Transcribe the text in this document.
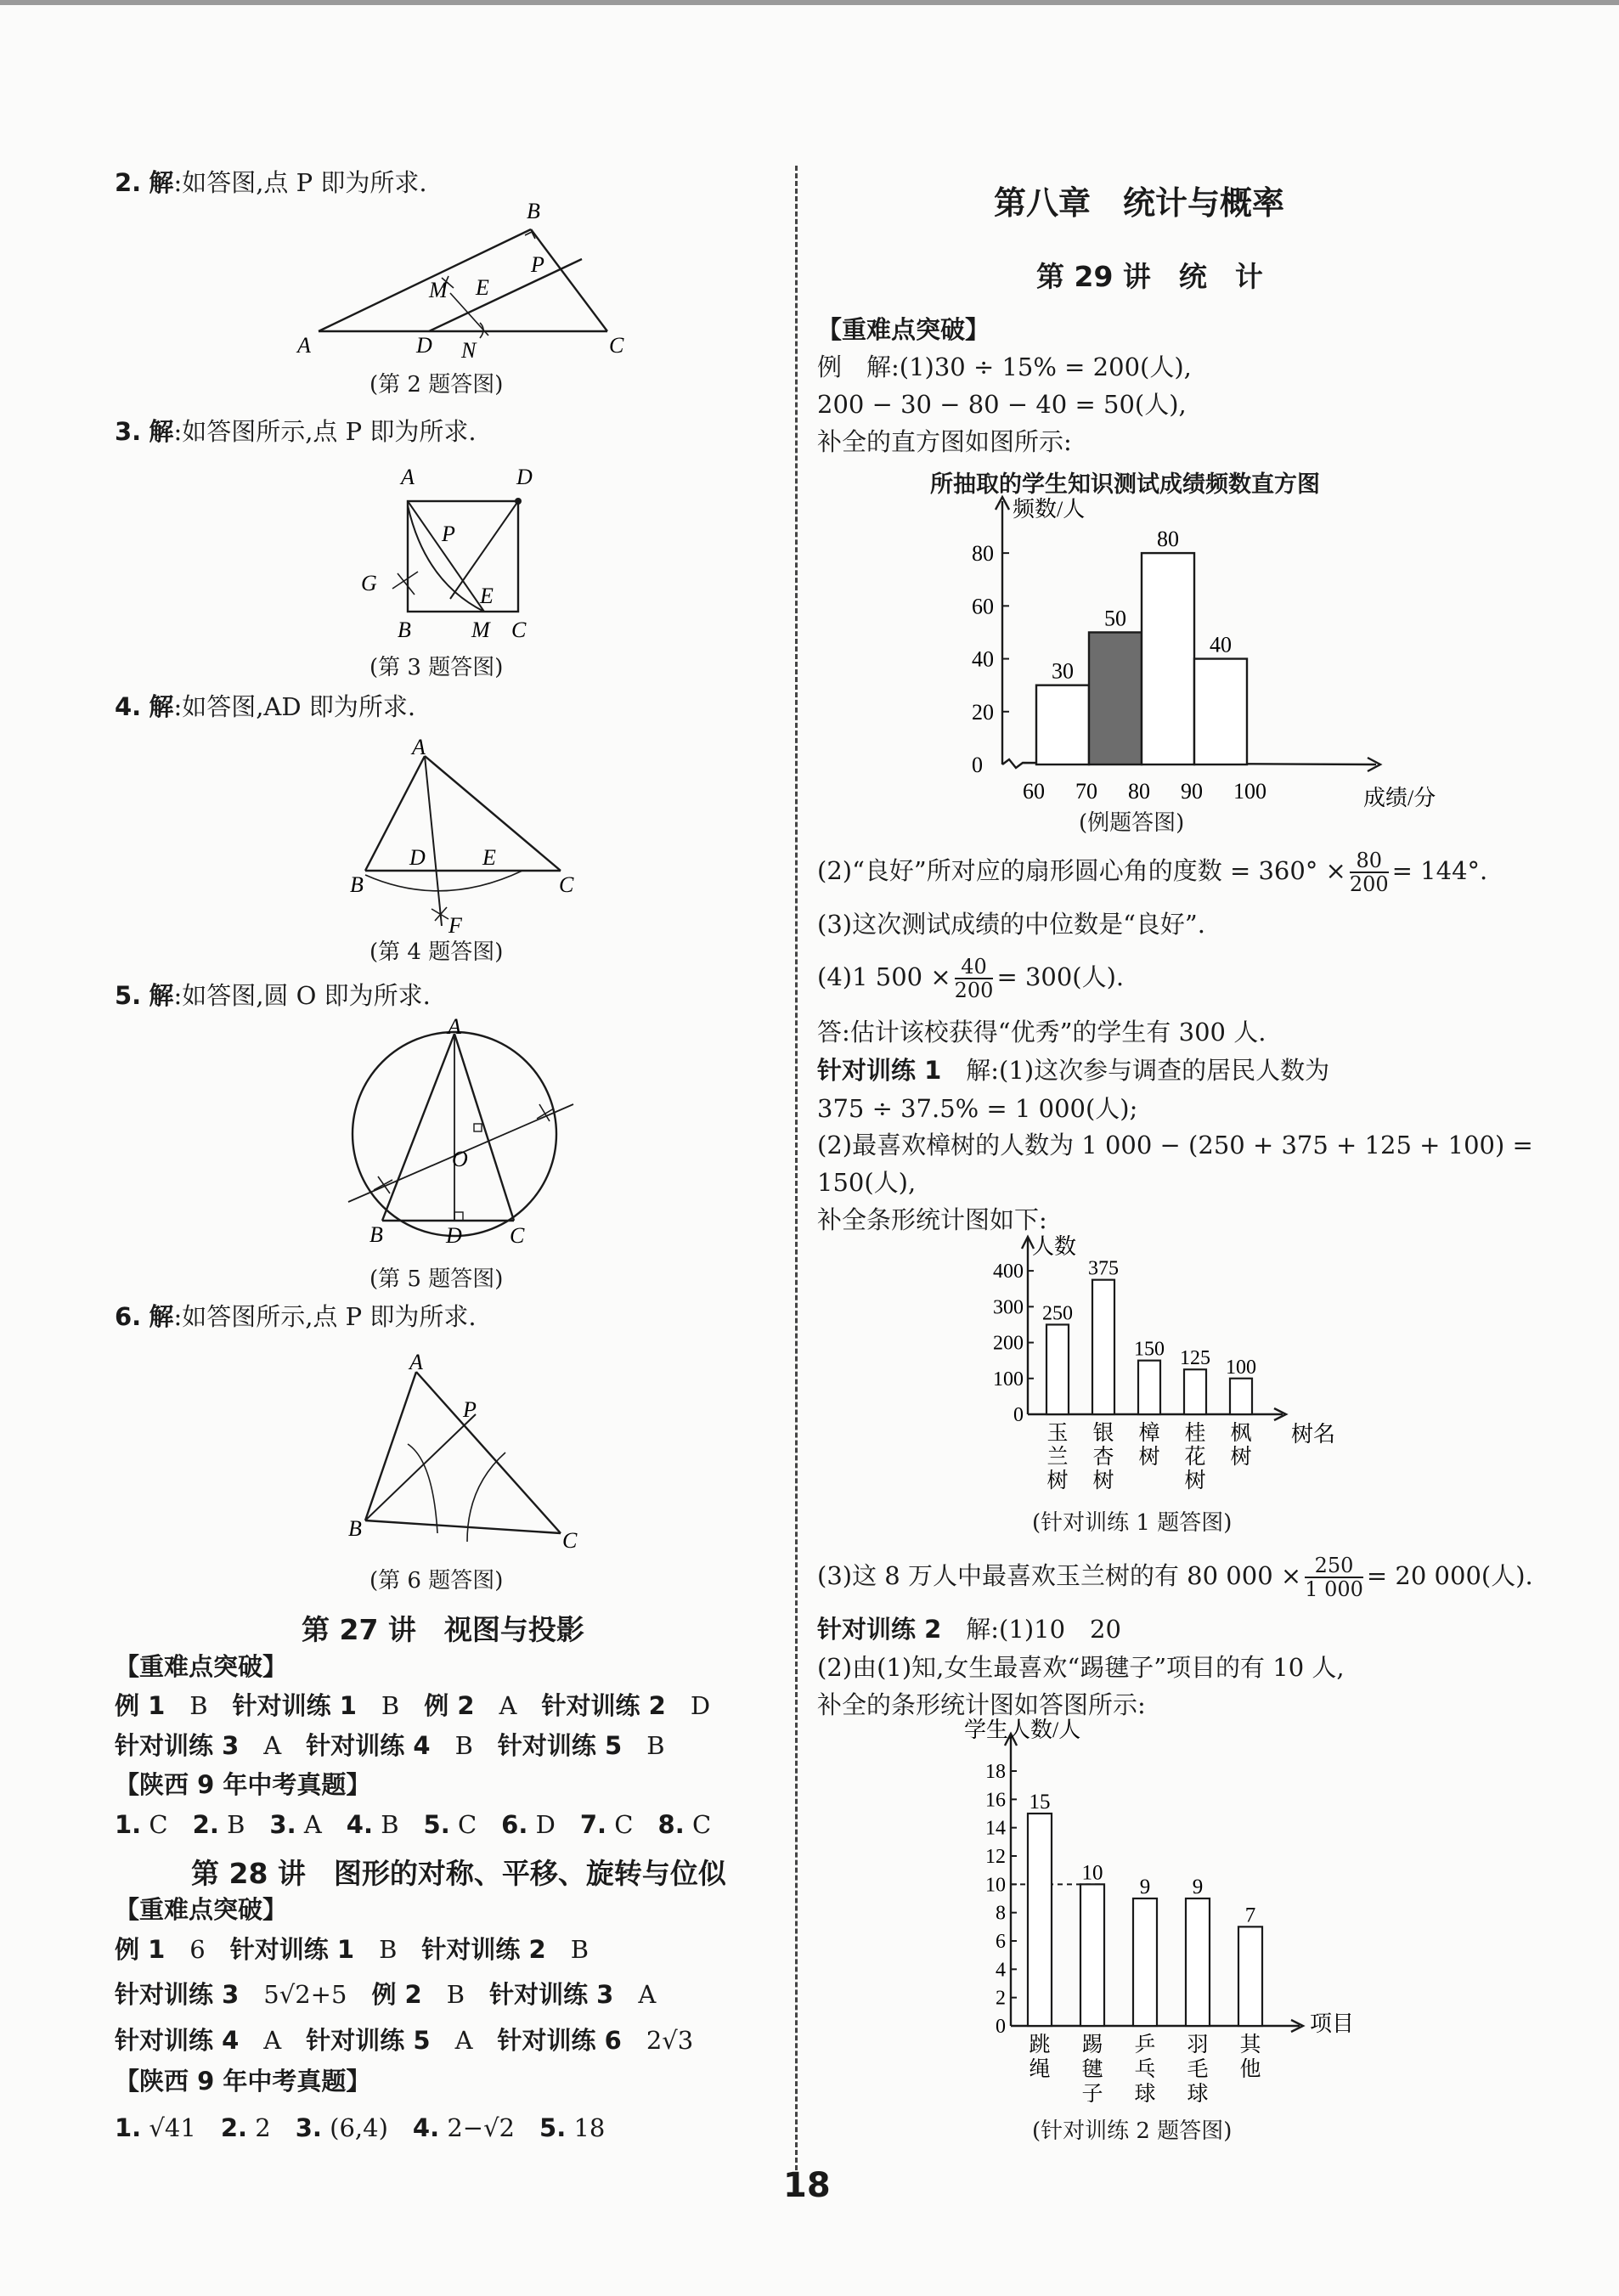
2. 解:如答图,点 P 即为所求.
A
B
C
D N
M E
P
(第 2 题答图)
3. 解:如答图所示,点 P 即为所求.
A	D
P
G
E
B	M C
(第 3 题答图)
4. 解:如答图,AD 即为所求.
A
D	E
B	C
F
(第 4 题答图)
5. 解:如答图,圆 O 即为所求.
A
O
B	D C
(第 5 题答图)
6. 解:如答图所示,点 P 即为所求.
A
P
B	C
(第 6 题答图)
第 27 讲　视图与投影
【重难点突破】
例 1　 B　 针对训练 1　 B　 例 2　 A　 针对训练 2　 D
针对训练 3　 A　 针对训练 4　 B　 针对训练 5　 B
【陕西 9 年中考真题】
1. C　 2. B　 3. A　 4. B　 5. C　 6. D　 7. C　 8. C
第 28 讲　图形的对称、平移、旋转与位似
【重难点突破】
例 1　 6　 针对训练 1　 B　 针对训练 2　 B
针对训练 3　 5√2+5　 例 2　 B　 针对训练 3　 A
针对训练 4　 A　 针对训练 5　 A　 针对训练 6　 2√3
【陕西 9 年中考真题】
1. √41　 2. 2　 3. (6,4)　 4. 2−√2　 5. 18
第八章　统计与概率
第 29 讲　统　计
【重难点突破】
例　解:(1)30 ÷ 15% = 200(人),
200 − 30 − 80 − 40 = 50(人),
补全的直方图如图所示:
所抽取的学生知识测试成绩频数直方图
频数/人
成绩/分
0
20
40
60
80
60 70 80 90 100
30
50
80
40
(例题答图)
(2)“良好”所对应的扇形圆心角的度数 = $360^\circ \times \frac{80}{200} = 144^\circ$.
(3)这次测试成绩的中位数是“良好”.
(4)1 $500 \times \frac{40}{200} = 300$(人).
答:估计该校获得“优秀”的学生有 300 人.
针对训练 1　解:(1)这次参与调查的居民人数为
375 ÷ 37.5% = 1 000(人);
(2)最喜欢樟树的人数为 1 000 − (250 + 375 + 125 + 100) =
150(人),
补全条形统计图如下:
人数
树名
0
100
200
300
400
250
玉
兰
树
375
银
杏
树
150
樟
树
125
桂
花
树
100
枫
树
(针对训练 1 题答图)
(3)这 8 万人中最喜欢玉兰树的有 80 $000 \times \frac{250}{1 000} = 20$ 000(人).
针对训练 2　解:(1)10　20
(2)由(1)知,女生最喜欢“踢毽子”项目的有 10 人,
补全的条形统计图如答图所示:
学生人数/人
项目
0
2
4
6
8
10
12
14
16
18
15
跳
绳
10
踢
毽
子
9
乒
乓
球
9
羽
毛
球
7
其
他
(针对训练 2 题答图)
18
